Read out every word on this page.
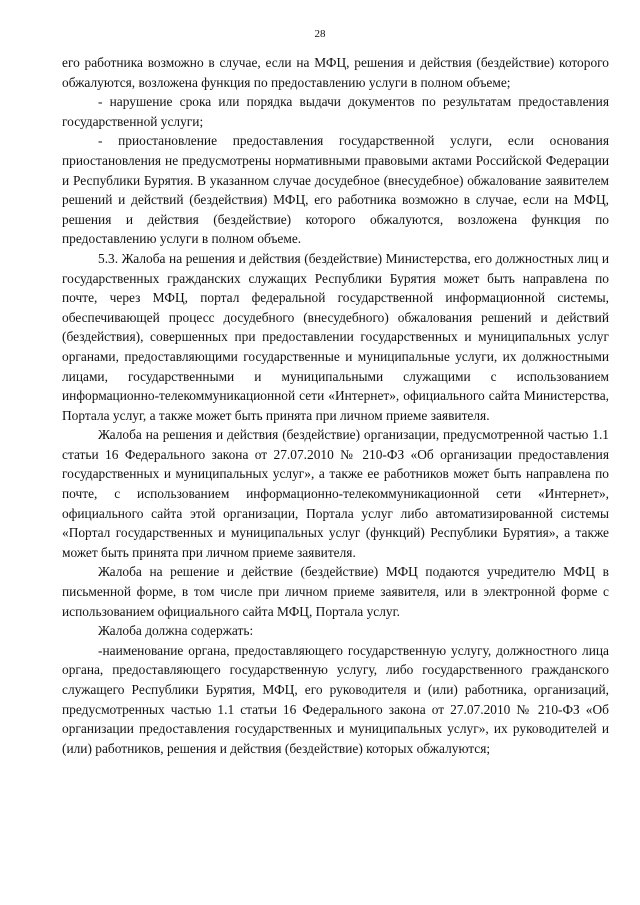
28

его работника возможно в случае, если на МФЦ, решения и действия (бездействие) которого обжалуются, возложена функция по предоставлению услуги в полном объеме;

- нарушение срока или порядка выдачи документов по результатам предоставления государственной услуги;

- приостановление предоставления государственной услуги, если основания приостановления не предусмотрены нормативными правовыми актами Российской Федерации и Республики Бурятия. В указанном случае досудебное (внесудебное) обжалование заявителем решений и действий (бездействия) МФЦ, его работника возможно в случае, если на МФЦ, решения и действия (бездействие) которого обжалуются, возложена функция по предоставлению услуги в полном объеме.

5.3. Жалоба на решения и действия (бездействие) Министерства, его должностных лиц и государственных гражданских служащих Республики Бурятия может быть направлена по почте, через МФЦ, портал федеральной государственной информационной системы, обеспечивающей процесс досудебного (внесудебного) обжалования решений и действий (бездействия), совершенных при предоставлении государственных и муниципальных услуг органами, предоставляющими государственные и муниципальные услуги, их должностными лицами, государственными и муниципальными служащими с использованием информационно-телекоммуникационной сети «Интернет», официального сайта Министерства, Портала услуг, а также может быть принята при личном приеме заявителя.

Жалоба на решения и действия (бездействие) организации, предусмотренной частью 1.1 статьи 16 Федерального закона от 27.07.2010 № 210-ФЗ «Об организации предоставления государственных и муниципальных услуг», а также ее работников может быть направлена по почте, с использованием информационно-телекоммуникационной сети «Интернет», официального сайта этой организации, Портала услуг либо автоматизированной системы «Портал государственных и муниципальных услуг (функций) Республики Бурятия», а также может быть принята при личном приеме заявителя.

Жалоба на решение и действие (бездействие) МФЦ подаются учредителю МФЦ в письменной форме, в том числе при личном приеме заявителя, или в электронной форме с использованием официального сайта МФЦ, Портала услуг.

Жалоба должна содержать:

-наименование органа, предоставляющего государственную услугу, должностного лица органа, предоставляющего государственную услугу, либо государственного гражданского служащего Республики Бурятия, МФЦ, его руководителя и (или) работника, организаций, предусмотренных частью 1.1 статьи 16 Федерального закона от 27.07.2010 № 210-ФЗ «Об организации предоставления государственных и муниципальных услуг», их руководителей и (или) работников, решения и действия (бездействие) которых обжалуются;
